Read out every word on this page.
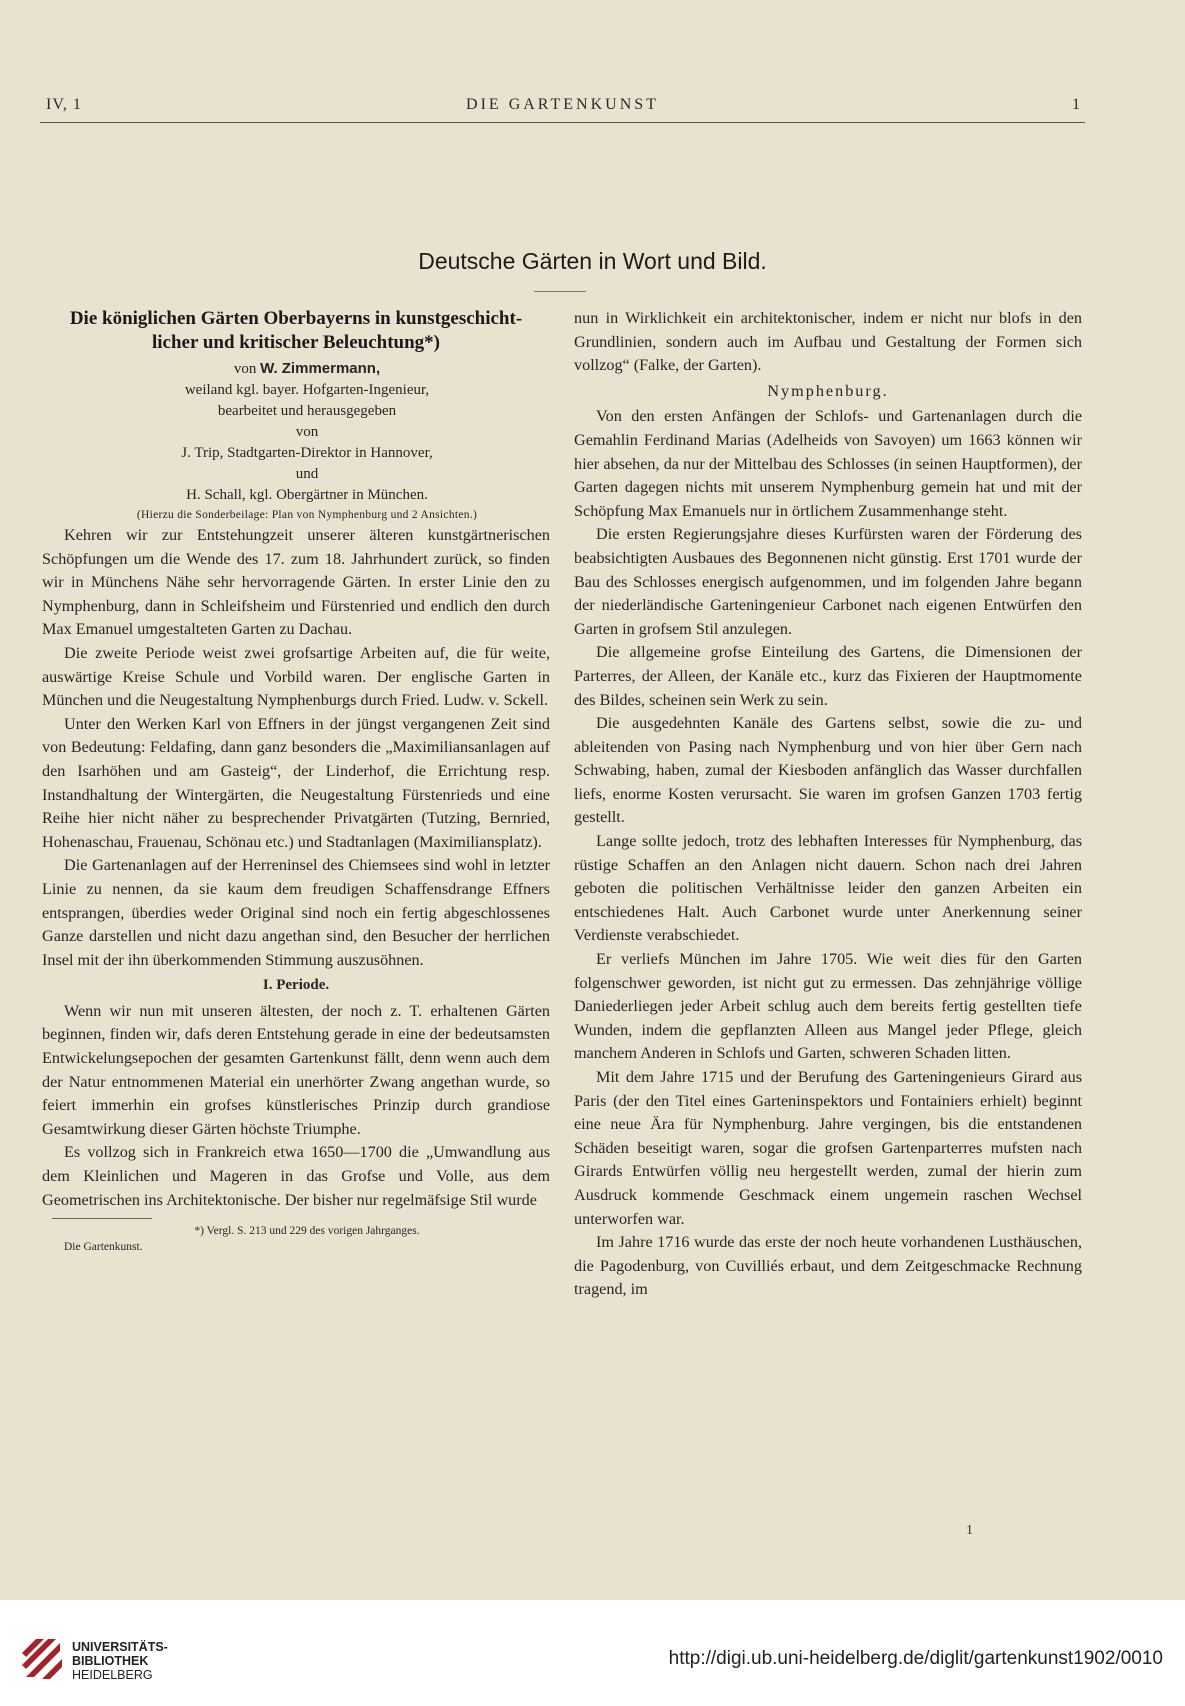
IV, 1	DIE GARTENKUNST	1
Deutsche Gärten in Wort und Bild.
Die königlichen Gärten Oberbayerns in kunstgeschicht-
licher und kritischer Beleuchtung*)

von W. Zimmermann,

weiland kgl. bayer. Hofgarten-Ingenieur,

bearbeitet und herausgegeben

von

J. Trip, Stadtgarten-Direktor in Hannover,

und

H. Schall, kgl. Obergärtner in München.

(Hierzu die Sonderbeilage: Plan von Nymphenburg und 2 Ansichten.)

Kehren wir zur Entstehungzeit unserer älteren kunstgärtnerischen Schöpfungen um die Wende des 17. zum 18. Jahrhundert zurück, so finden wir in Münchens Nähe sehr hervorragende Gärten. In erster Linie den zu Nymphenburg, dann in Schleifsheim und Fürstenried und endlich den durch Max Emanuel umgestalteten Garten zu Dachau.

Die zweite Periode weist zwei grofsartige Arbeiten auf, die für weite, auswärtige Kreise Schule und Vorbild waren. Der englische Garten in München und die Neugestaltung Nymphenburgs durch Fried. Ludw. v. Sckell.

Unter den Werken Karl von Effners in der jüngst vergangenen Zeit sind von Bedeutung: Feldafing, dann ganz besonders die „Maximiliansanlagen auf den Isarhöhen und am Gasteig“, der Linderhof, die Errichtung resp. Instandhaltung der Wintergärten, die Neugestaltung Fürstenrieds und eine Reihe hier nicht näher zu besprechender Privatgärten (Tutzing, Bernried, Hohenaschau, Frauenau, Schönau etc.) und Stadtanlagen (Maximiliansplatz).

Die Gartenanlagen auf der Herreninsel des Chiemsees sind wohl in letzter Linie zu nennen, da sie kaum dem freudigen Schaffensdrange Effners entsprangen, überdies weder Original sind noch ein fertig abgeschlossenes Ganze darstellen und nicht dazu angethan sind, den Besucher der herrlichen Insel mit der ihn überkommenden Stimmung auszusöhnen.

I. Periode.

Wenn wir nun mit unseren ältesten, der noch z. T. erhaltenen Gärten beginnen, finden wir, dafs deren Entstehung gerade in eine der bedeutsamsten Entwickelungsepochen der gesamten Gartenkunst fällt, denn wenn auch dem der Natur entnommenen Material ein unerhörter Zwang angethan wurde, so feiert immerhin ein grofses künstlerisches Prinzip durch grandiose Gesamtwirkung dieser Gärten höchste Triumphe.

Es vollzog sich in Frankreich etwa 1650—1700 die „Umwandlung aus dem Kleinlichen und Mageren in das Grofse und Volle, aus dem Geometrischen ins Architektonische. Der bisher nur regelmäfsige Stil wurde

*) Vergl. S. 213 und 229 des vorigen Jahrganges.

Die Gartenkunst.

nun in Wirklichkeit ein architektonischer, indem er nicht nur blofs in den Grundlinien, sondern auch im Aufbau und Gestaltung der Formen sich vollzog“ (Falke, der Garten).

Nymphenburg.

Von den ersten Anfängen der Schlofs- und Gartenanlagen durch die Gemahlin Ferdinand Marias (Adelheids von Savoyen) um 1663 können wir hier absehen, da nur der Mittelbau des Schlosses (in seinen Hauptformen), der Garten dagegen nichts mit unserem Nymphenburg gemein hat und mit der Schöpfung Max Emanuels nur in örtlichem Zusammenhange steht.

Die ersten Regierungsjahre dieses Kurfürsten waren der Förderung des beabsichtigten Ausbaues des Begonnenen nicht günstig. Erst 1701 wurde der Bau des Schlosses energisch aufgenommen, und im folgenden Jahre begann der niederländische Garteningenieur Carbonet nach eigenen Entwürfen den Garten in grofsem Stil anzulegen.

Die allgemeine grofse Einteilung des Gartens, die Dimensionen der Parterres, der Alleen, der Kanäle etc., kurz das Fixieren der Hauptmomente des Bildes, scheinen sein Werk zu sein.

Die ausgedehnten Kanäle des Gartens selbst, sowie die zu- und ableitenden von Pasing nach Nymphenburg und von hier über Gern nach Schwabing, haben, zumal der Kiesboden anfänglich das Wasser durchfallen liefs, enorme Kosten verursacht. Sie waren im grofsen Ganzen 1703 fertig gestellt.

Lange sollte jedoch, trotz des lebhaften Interesses für Nymphenburg, das rüstige Schaffen an den Anlagen nicht dauern. Schon nach drei Jahren geboten die politischen Verhältnisse leider den ganzen Arbeiten ein entschiedenes Halt. Auch Carbonet wurde unter Anerkennung seiner Verdienste verabschiedet.

Er verliefs München im Jahre 1705. Wie weit dies für den Garten folgenschwer geworden, ist nicht gut zu ermessen. Das zehnjährige völlige Daniederliegen jeder Arbeit schlug auch dem bereits fertig gestellten tiefe Wunden, indem die gepflanzten Alleen aus Mangel jeder Pflege, gleich manchem Anderen in Schlofs und Garten, schweren Schaden litten.

Mit dem Jahre 1715 und der Berufung des Garteningenieurs Girard aus Paris (der den Titel eines Garteninspektors und Fontainiers erhielt) beginnt eine neue Ära für Nymphenburg. Jahre vergingen, bis die entstandenen Schäden beseitigt waren, sogar die grofsen Gartenparterres mufsten nach Girards Entwürfen völlig neu hergestellt werden, zumal der hierin zum Ausdruck kommende Geschmack einem ungemein raschen Wechsel unterworfen war.

Im Jahre 1716 wurde das erste der noch heute vorhandenen Lusthäuschen, die Pagodenburg, von Cuvilliés erbaut, und dem Zeitgeschmacke Rechnung tragend, im

1
UNIVERSITÄTS-
BIBLIOTHEK
HEIDELBERG
http://digi.ub.uni-heidelberg.de/diglit/gartenkunst1902/0010
